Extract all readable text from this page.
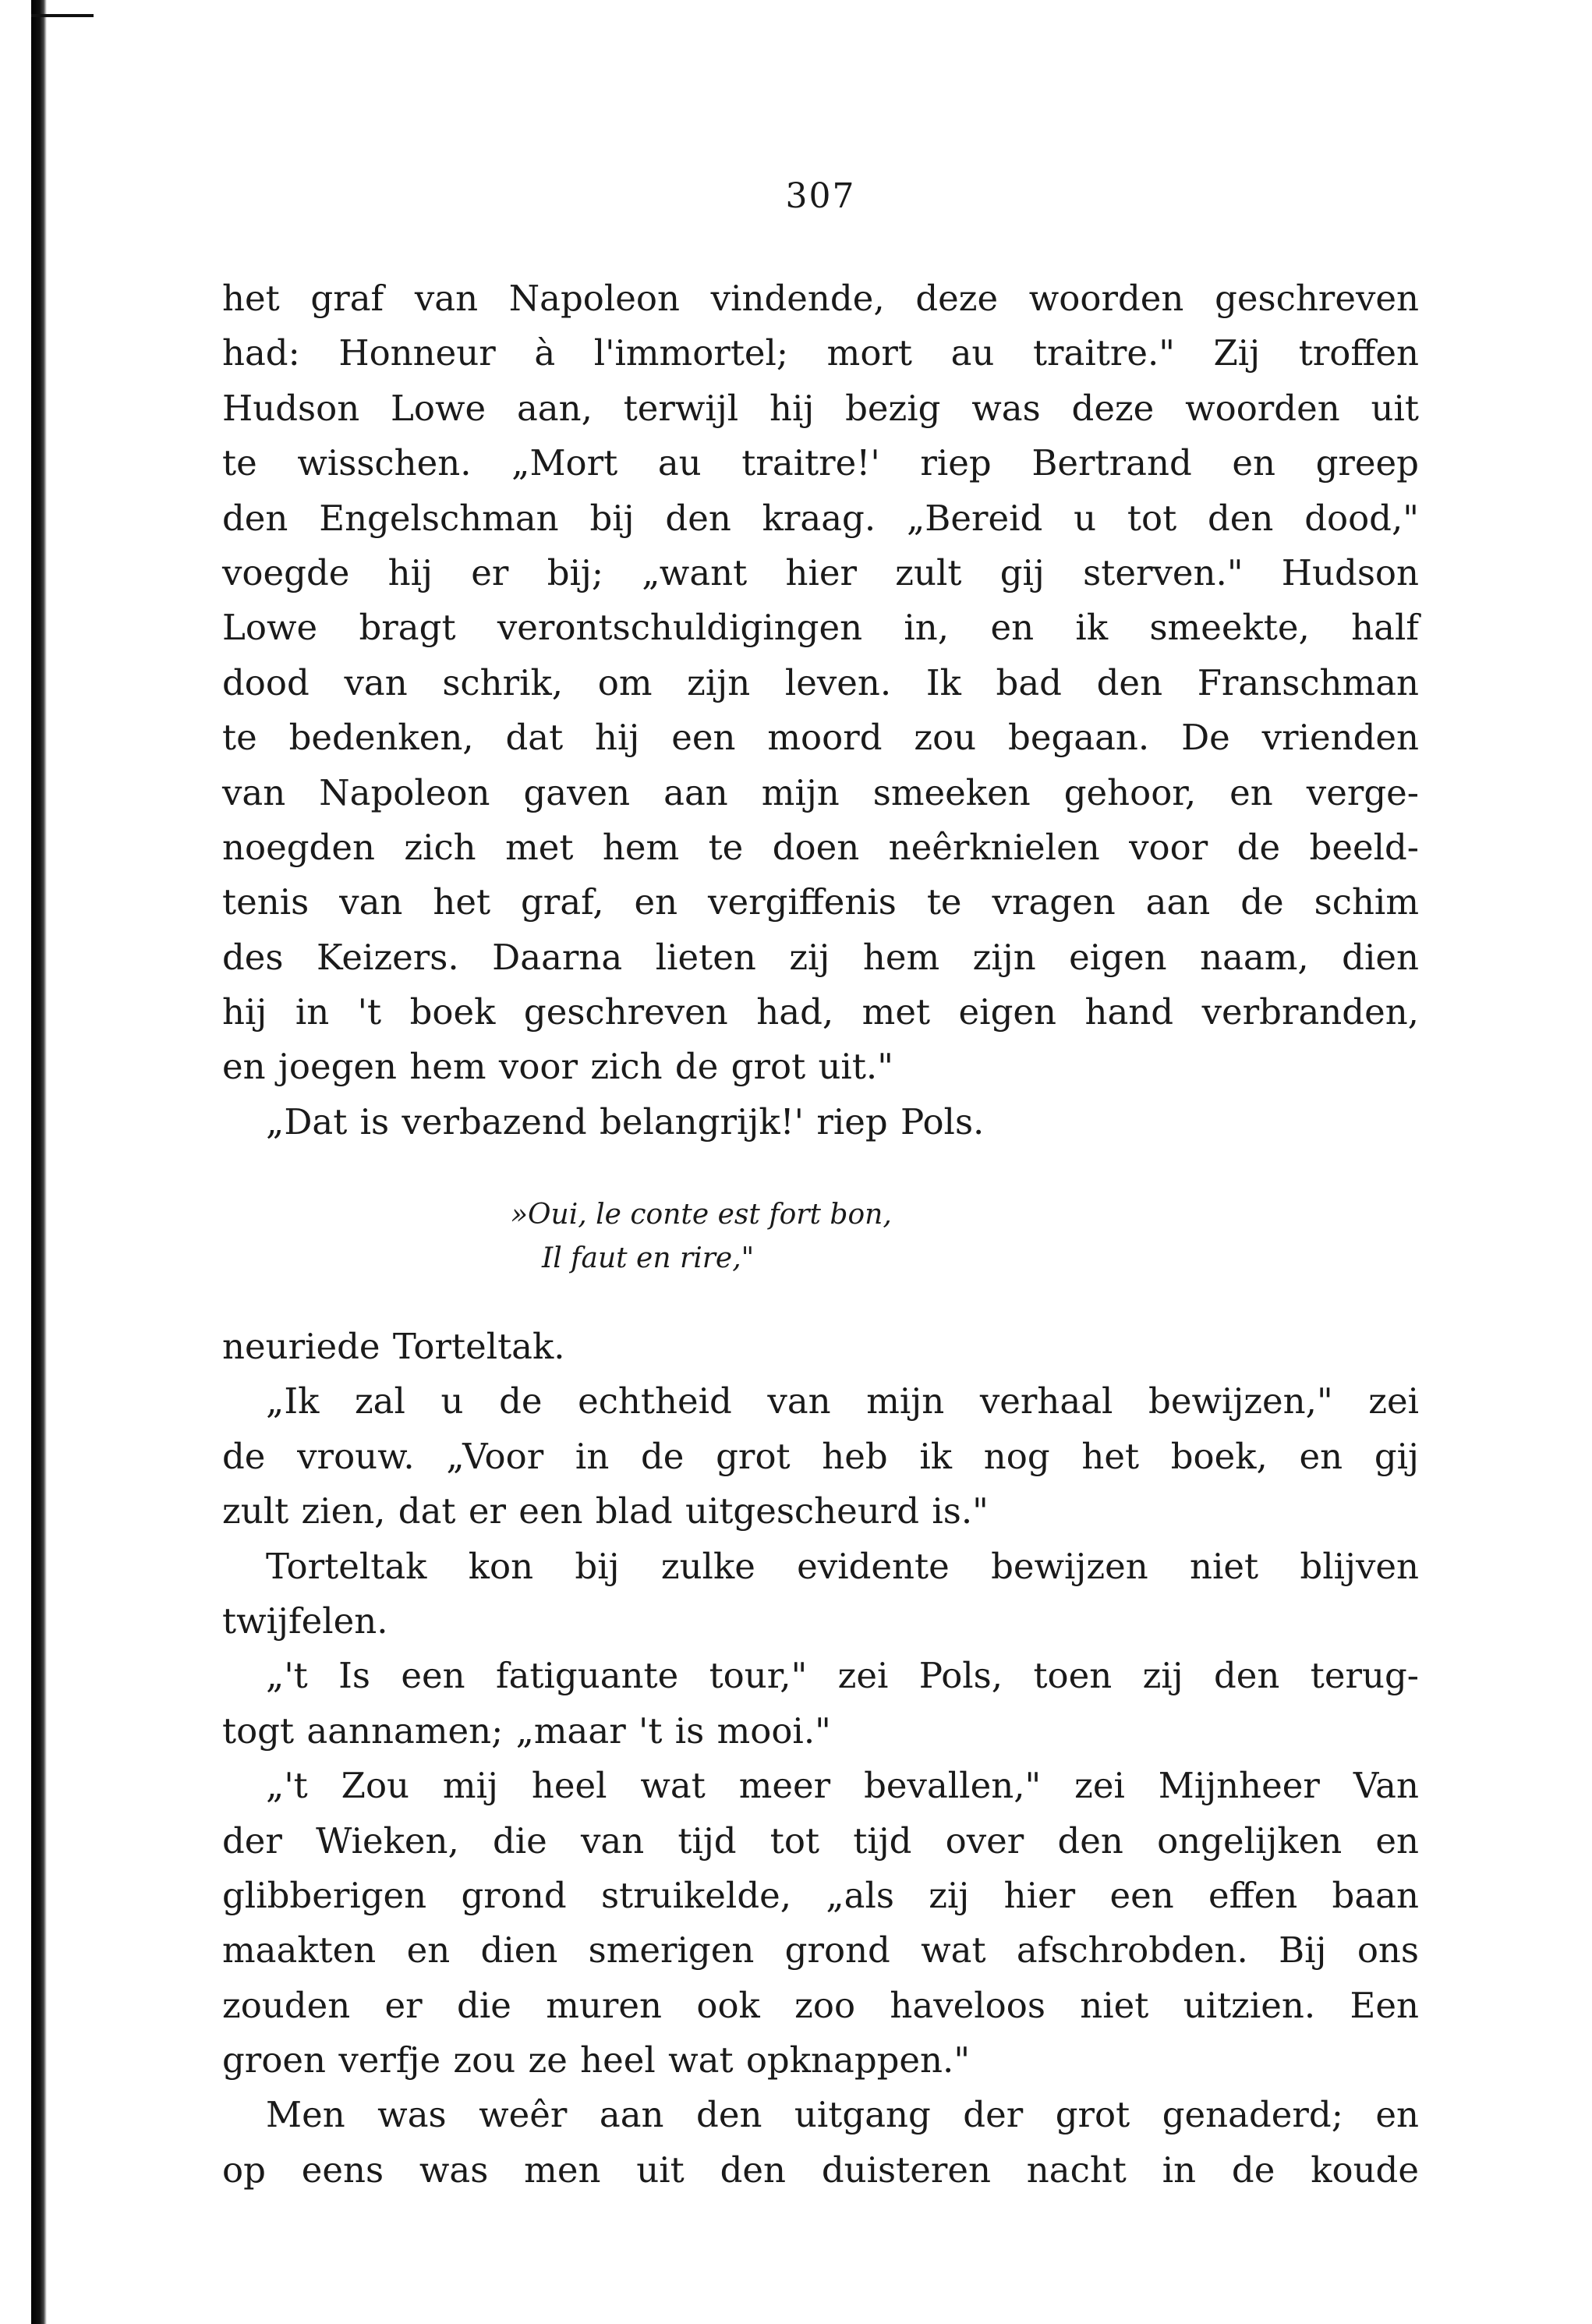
307
het graf van Napoleon vindende, deze woorden geschreven
had: Honneur à l'immortel; mort au traitre." Zij troffen
Hudson Lowe aan, terwijl hij bezig was deze woorden uit
te wisschen. „Mort au traitre!' riep Bertrand en greep
den Engelschman bij den kraag. „Bereid u tot den dood,"
voegde hij er bij; „want hier zult gij sterven." Hudson
Lowe bragt verontschuldigingen in, en ik smeekte, half
dood van schrik, om zijn leven. Ik bad den Franschman
te bedenken, dat hij een moord zou begaan. De vrienden
van Napoleon gaven aan mijn smeeken gehoor, en verge-
noegden zich met hem te doen neêrknielen voor de beeld-
tenis van het graf, en vergiffenis te vragen aan de schim
des Keizers. Daarna lieten zij hem zijn eigen naam, dien
hij in 't boek geschreven had, met eigen hand verbranden,
en joegen hem voor zich de grot uit."
„Dat is verbazend belangrijk!' riep Pols.
»Oui, le conte est fort bon,
Il faut en rire,"
neuriede Torteltak.
„Ik zal u de echtheid van mijn verhaal bewijzen," zei
de vrouw. „Voor in de grot heb ik nog het boek, en gij
zult zien, dat er een blad uitgescheurd is."
Torteltak kon bij zulke evidente bewijzen niet blijven
twijfelen.
„'t Is een fatiguante tour," zei Pols, toen zij den terug-
togt aannamen; „maar 't is mooi."
„'t Zou mij heel wat meer bevallen," zei Mijnheer Van
der Wieken, die van tijd tot tijd over den ongelijken en
glibberigen grond struikelde, „als zij hier een effen baan
maakten en dien smerigen grond wat afschrobden. Bij ons
zouden er die muren ook zoo haveloos niet uitzien. Een
groen verfje zou ze heel wat opknappen."
Men was weêr aan den uitgang der grot genaderd; en
op eens was men uit den duisteren nacht in de koude
